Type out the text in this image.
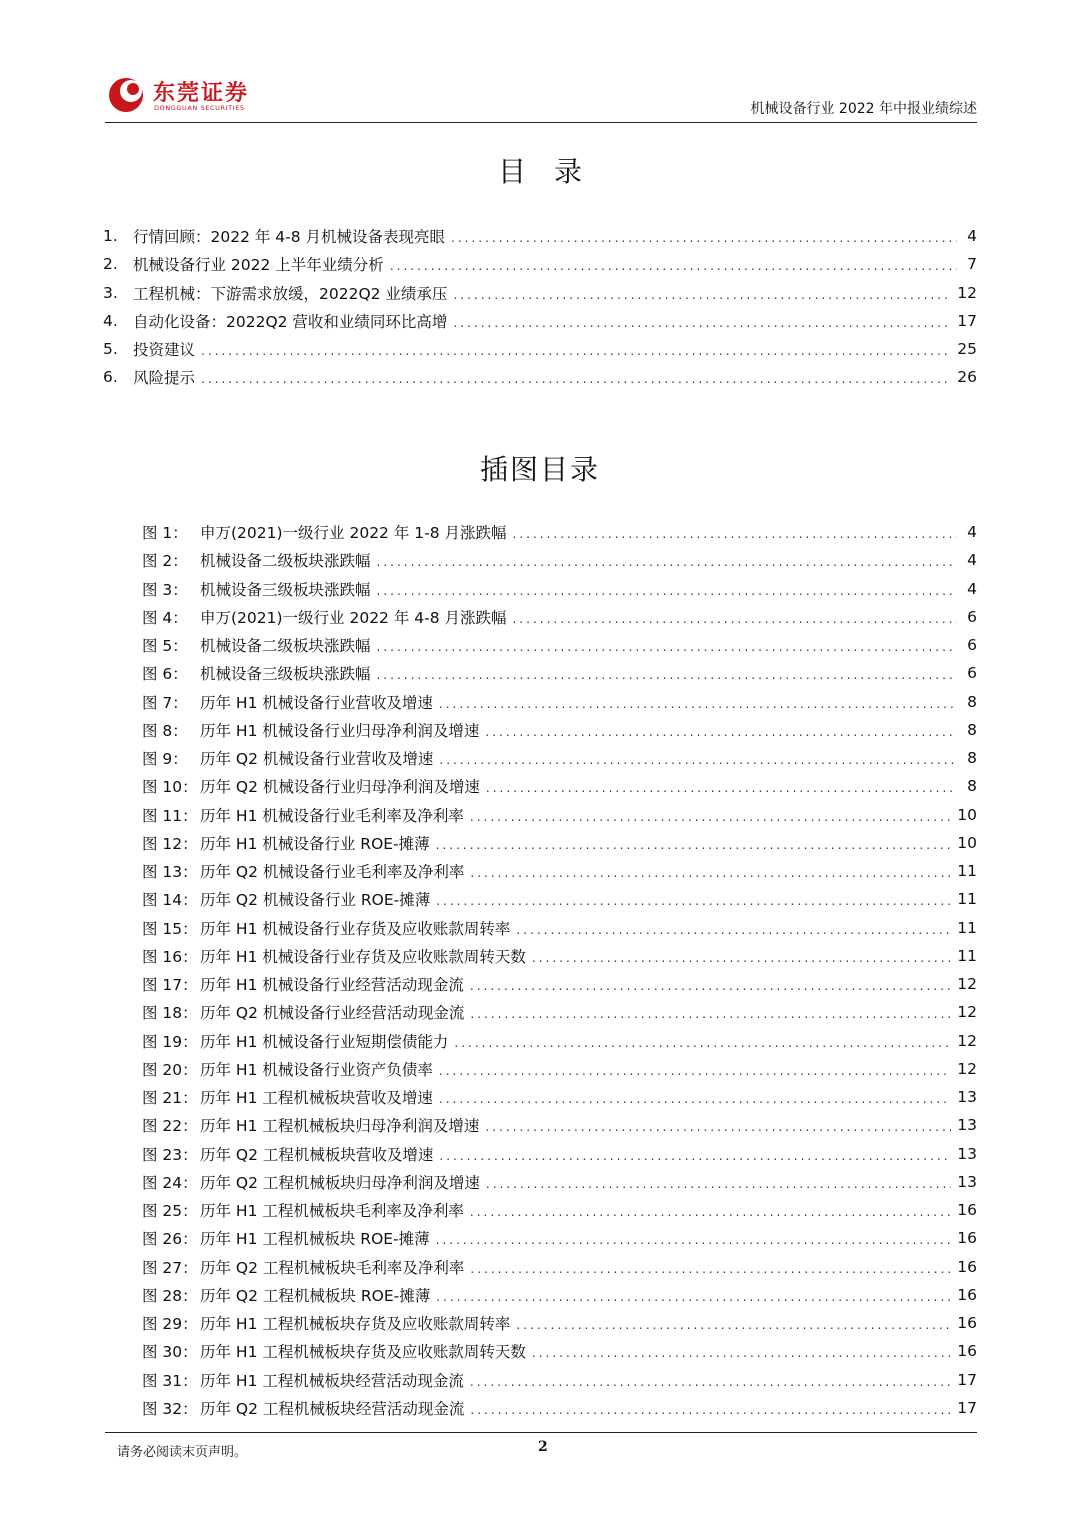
东莞证券
DONGGUAN SECURITIES	机械设备行业 2022 年中报业绩综述
目录
1. 行情回顾：2022 年 4-8 月机械设备表现亮眼 .....	4
2. 机械设备行业 2022 上半年业绩分析 .....	7
3. 工程机械：下游需求放缓，2022Q2 业绩承压 .....	12
4. 自动化设备：2022Q2 营收和业绩同环比高增 .....	17
5. 投资建议 .....	25
6. 风险提示 .....	26
插图目录
图 1： 申万(2021)一级行业 2022 年 1-8 月涨跌幅 .....	4
图 2： 机械设备二级板块涨跌幅 .....	4
图 3： 机械设备三级板块涨跌幅 .....	4
图 4： 申万(2021)一级行业 2022 年 4-8 月涨跌幅 .....	6
图 5： 机械设备二级板块涨跌幅 .....	6
图 6： 机械设备三级板块涨跌幅 .....	6
图 7： 历年 H1 机械设备行业营收及增速 .....	8
图 8： 历年 H1 机械设备行业归母净利润及增速 .....	8
图 9： 历年 Q2 机械设备行业营收及增速 .....	8
图 10： 历年 Q2 机械设备行业归母净利润及增速 .....	8
图 11： 历年 H1 机械设备行业毛利率及净利率 .....	10
图 12： 历年 H1 机械设备行业 ROE-摊薄 .....	10
图 13： 历年 Q2 机械设备行业毛利率及净利率 .....	11
图 14： 历年 Q2 机械设备行业 ROE-摊薄 .....	11
图 15： 历年 H1 机械设备行业存货及应收账款周转率 .....	11
图 16： 历年 H1 机械设备行业存货及应收账款周转天数 .....	11
图 17： 历年 H1 机械设备行业经营活动现金流 .....	12
图 18： 历年 Q2 机械设备行业经营活动现金流 .....	12
图 19： 历年 H1 机械设备行业短期偿债能力 .....	12
图 20： 历年 H1 机械设备行业资产负债率 .....	12
图 21： 历年 H1 工程机械板块营收及增速 .....	13
图 22： 历年 H1 工程机械板块归母净利润及增速 .....	13
图 23： 历年 Q2 工程机械板块营收及增速 .....	13
图 24： 历年 Q2 工程机械板块归母净利润及增速 .....	13
图 25： 历年 H1 工程机械板块毛利率及净利率 .....	16
图 26： 历年 H1 工程机械板块 ROE-摊薄 .....	16
图 27： 历年 Q2 工程机械板块毛利率及净利率 .....	16
图 28： 历年 Q2 工程机械板块 ROE-摊薄 .....	16
图 29： 历年 H1 工程机械板块存货及应收账款周转率 .....	16
图 30： 历年 H1 工程机械板块存货及应收账款周转天数 .....	16
图 31： 历年 H1 工程机械板块经营活动现金流 .....	17
图 32： 历年 Q2 工程机械板块经营活动现金流 .....	17
请务必阅读末页声明。	2
